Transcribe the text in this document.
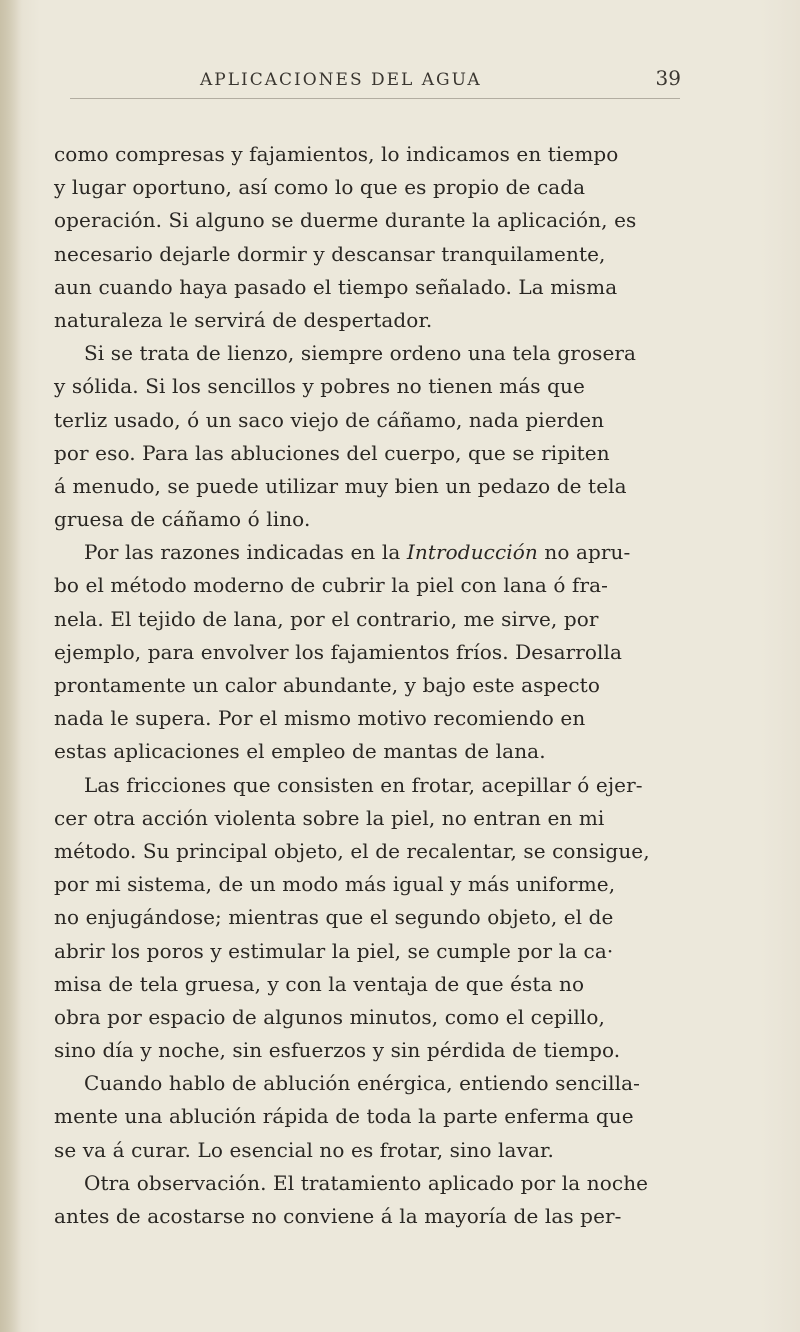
APLICACIONES DEL AGUA	39
como compresas y fajamientos, lo indicamos en tiempo
y lugar oportuno, así como lo que es propio de cada
operación. Si alguno se duerme durante la aplicación, es
necesario dejarle dormir y descansar tranquilamente,
aun cuando haya pasado el tiempo señalado. La misma
naturaleza le servirá de despertador.
Si se trata de lienzo, siempre ordeno una tela grosera
y sólida. Si los sencillos y pobres no tienen más que
terliz usado, ó un saco viejo de cáñamo, nada pierden
por eso. Para las abluciones del cuerpo, que se ripiten
á menudo, se puede utilizar muy bien un pedazo de tela
gruesa de cáñamo ó lino.
Por las razones indicadas en la Introducción no apru-
bo el método moderno de cubrir la piel con lana ó fra-
nela. El tejido de lana, por el contrario, me sirve, por
ejemplo, para envolver los fajamientos fríos. Desarrolla
prontamente un calor abundante, y bajo este aspecto
nada le supera. Por el mismo motivo recomiendo en
estas aplicaciones el empleo de mantas de lana.
Las fricciones que consisten en frotar, acepillar ó ejer-
cer otra acción violenta sobre la piel, no entran en mi
método. Su principal objeto, el de recalentar, se consigue,
por mi sistema, de un modo más igual y más uniforme,
no enjugándose; mientras que el segundo objeto, el de
abrir los poros y estimular la piel, se cumple por la ca·
misa de tela gruesa, y con la ventaja de que ésta no
obra por espacio de algunos minutos, como el cepillo,
sino día y noche, sin esfuerzos y sin pérdida de tiempo.
Cuando hablo de ablución enérgica, entiendo sencilla-
mente una ablución rápida de toda la parte enferma que
se va á curar. Lo esencial no es frotar, sino lavar.
Otra observación. El tratamiento aplicado por la noche
antes de acostarse no conviene á la mayoría de las per-
